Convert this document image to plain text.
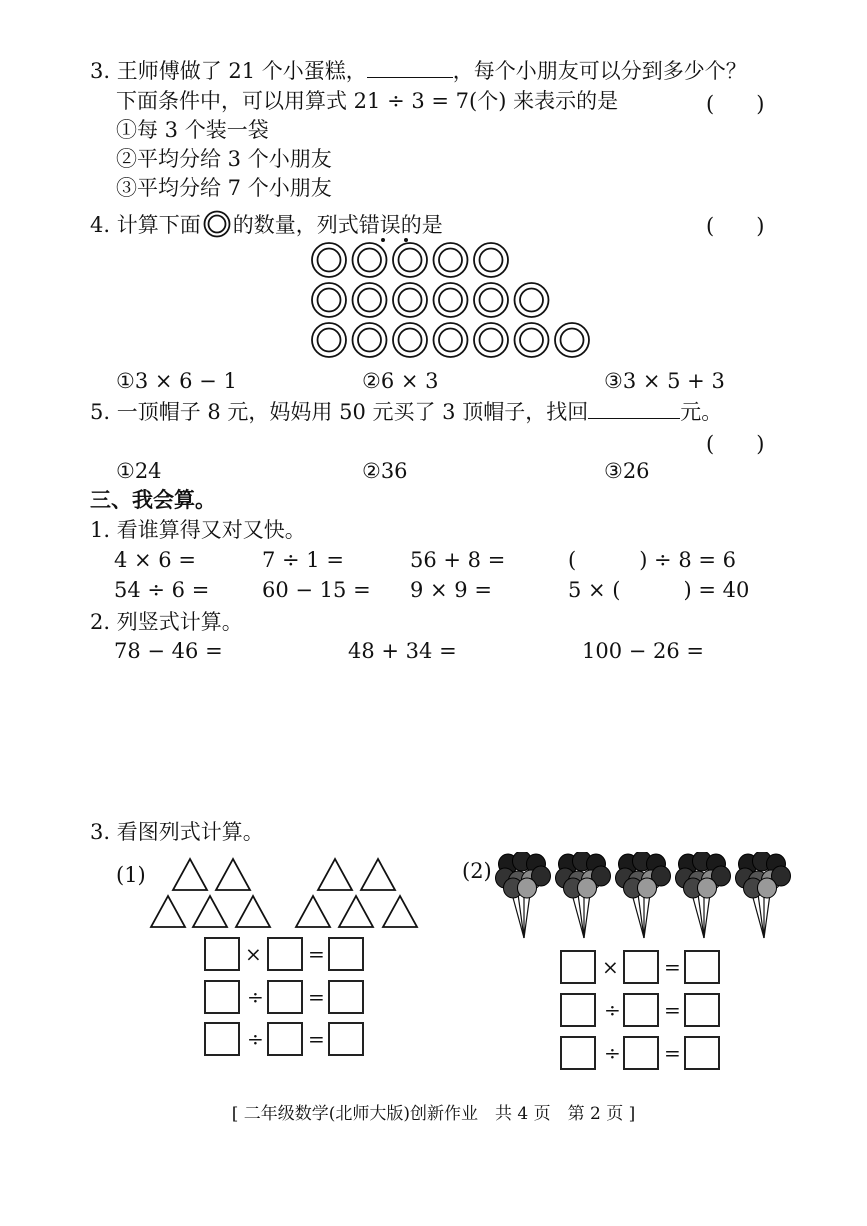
3. 王师傅做了 21 个小蛋糕，	，每个小朋友可以分到多少个？
下面条件中，可以用算式 21 ÷ 3 = 7(个) 来表示的是	(　　)
①每 3 个装一袋
②平均分给 3 个小朋友
③平均分给 7 个小朋友
4. 计算下面 的数量，列式错误的是	(　　)
①3 × 6 − 1	②6 × 3	③3 × 5 + 3
5. 一顶帽子 8 元，妈妈用 50 元买了 3 顶帽子，找回	元。
(　　)
①24	②36	③26
三、我会算。
1. 看谁算得又对又快。
4 × 6 =	7 ÷ 1 =	56 + 8 =	(　　　) ÷ 8 = 6
54 ÷ 6 =	60 − 15 = 9 × 9 =	5 × (　　　) = 40
2. 列竖式计算。
78 − 46 =	48 + 34 =	100 − 26 =
3. 看图列式计算。
(1)
× =
÷ =
÷ =
(2)
× =
÷ =
÷ =
[ 二年级数学(北师大版)创新作业　共 4 页　第 2 页 ]
